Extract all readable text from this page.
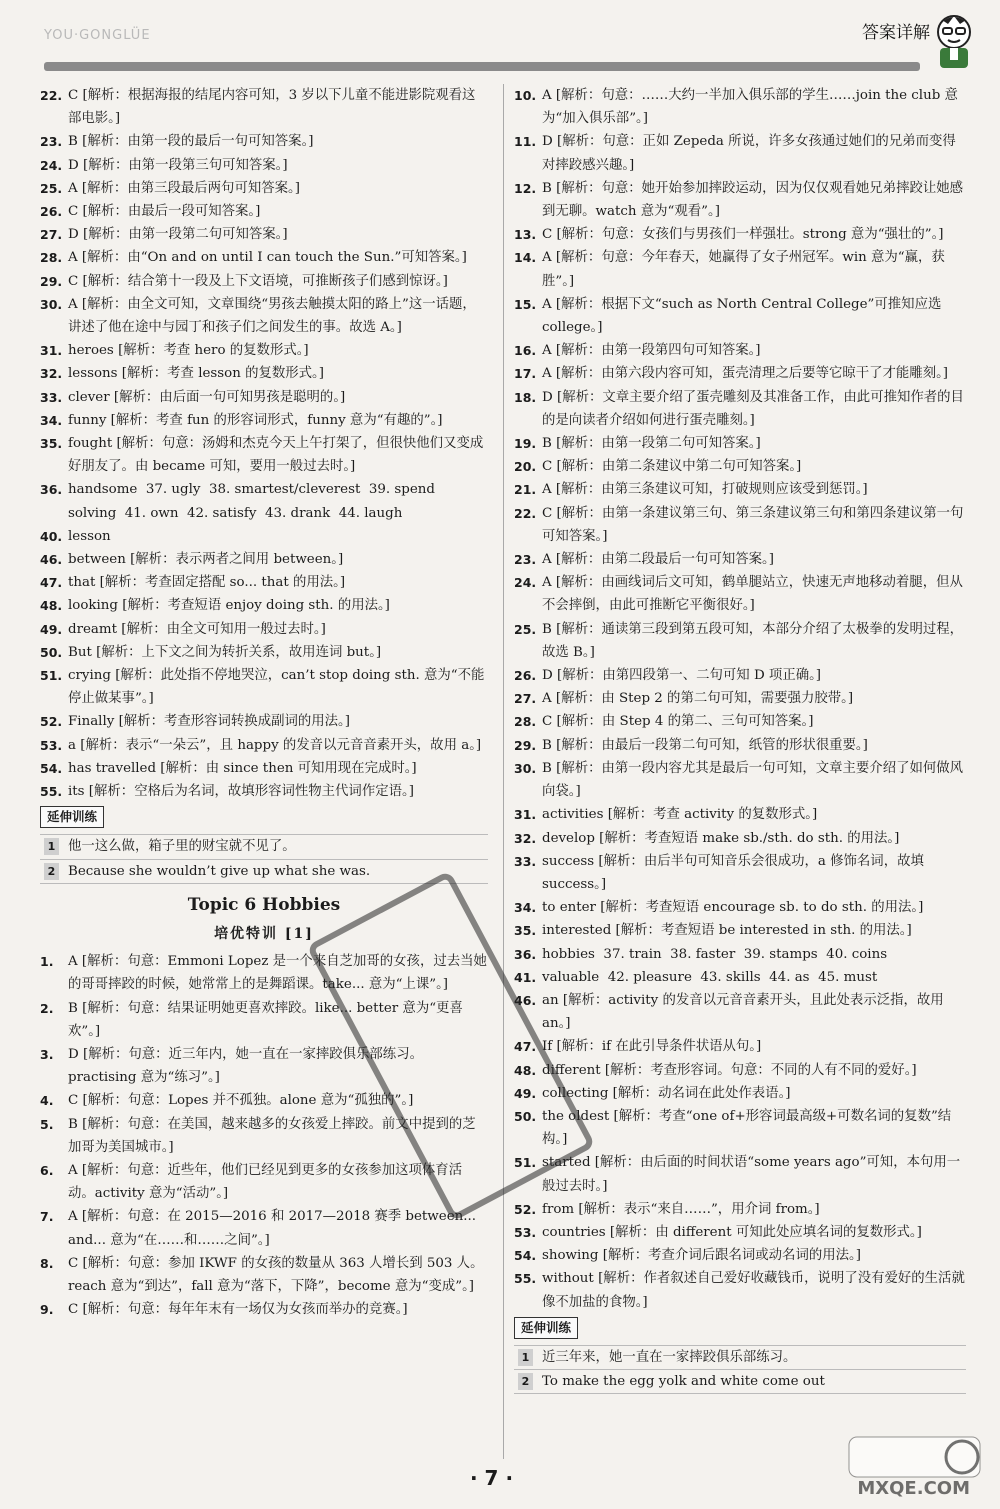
YOU·GONGLÜE	答案详解
22. C [解析：根据海报的结尾内容可知，3 岁以下儿童不能进影院观看这部电影。]
23. B [解析：由第一段的最后一句可知答案。]
24. D [解析：由第一段第三句可知答案。]
25. A [解析：由第三段最后两句可知答案。]
26. C [解析：由最后一段可知答案。]
27. D [解析：由第一段第二句可知答案。]
28. A [解析：由“On and on until I can touch the Sun.”可知答案。]
29. C [解析：结合第十一段及上下文语境，可推断孩子们感到惊讶。]
30. A [解析：由全文可知，文章围绕“男孩去触摸太阳的路上”这一话题，讲述了他在途中与园丁和孩子们之间发生的事。故选 A。]
31. heroes [解析：考查 hero 的复数形式。]
32. lessons [解析：考查 lesson 的复数形式。]
33. clever [解析：由后面一句可知男孩是聪明的。]
34. funny [解析：考查 fun 的形容词形式，funny 意为“有趣的”。]
35. fought [解析：句意：汤姆和杰克今天上午打架了，但很快他们又变成好朋友了。由 became 可知，要用一般过去时。]
36. handsome  37. ugly  38. smartest/cleverest  39. spend
solving  41. own  42. satisfy  43. drank  44. laugh
40. lesson
46. between [解析：表示两者之间用 between。]
47. that [解析：考查固定搭配 so... that 的用法。]
48. looking [解析：考查短语 enjoy doing sth. 的用法。]
49. dreamt [解析：由全文可知用一般过去时。]
50. But [解析：上下文之间为转折关系，故用连词 but。]
51. crying [解析：此处指不停地哭泣，can’t stop doing sth. 意为“不能停止做某事”。]
52. Finally [解析：考查形容词转换成副词的用法。]
53. a [解析：表示“一朵云”，且 happy 的发音以元音音素开头，故用 a。]
54. has travelled [解析：由 since then 可知用现在完成时。]
55. its [解析：空格后为名词，故填形容词性物主代词作定语。]
延伸训练
1 他一这么做，箱子里的财宝就不见了。
2 Because she wouldn’t give up what she was.
Topic 6 Hobbies
培优特训 [1]
1. A [解析：句意：Emmoni Lopez 是一个来自芝加哥的女孩，过去当她的哥哥摔跤的时候，她常常上的是舞蹈课。take... 意为“上课”。]
2. B [解析：句意：结果证明她更喜欢摔跤。like... better 意为“更喜欢”。]
3. D [解析：句意：近三年内，她一直在一家摔跤俱乐部练习。practising 意为“练习”。]
4. C [解析：句意：Lopes 并不孤独。alone 意为“孤独的”。]
5. B [解析：句意：在美国，越来越多的女孩爱上摔跤。前文中提到的芝加哥为美国城市。]
6. A [解析：句意：近些年，他们已经见到更多的女孩参加这项体育活动。activity 意为“活动”。]
7. A [解析：句意：在 2015—2016 和 2017—2018 赛季 between... and... 意为“在……和……之间”。]
8. C [解析：句意：参加 IKWF 的女孩的数量从 363 人增长到 503 人。reach 意为“到达”，fall 意为“落下，下降”，become 意为“变成”。]
9. C [解析：句意：每年年末有一场仅为女孩而举办的竞赛。]
10. A [解析：句意：……大约一半加入俱乐部的学生……join the club 意为“加入俱乐部”。]
11. D [解析：句意：正如 Zepeda 所说，许多女孩通过她们的兄弟而变得对摔跤感兴趣。]
12. B [解析：句意：她开始参加摔跤运动，因为仅仅观看她兄弟摔跤让她感到无聊。watch 意为“观看”。]
13. C [解析：句意：女孩们与男孩们一样强壮。strong 意为“强壮的”。]
14. A [解析：句意：今年春天，她赢得了女子州冠军。win 意为“赢，获胜”。]
15. A [解析：根据下文“such as North Central College”可推知应选 college。]
16. A [解析：由第一段第四句可知答案。]
17. A [解析：由第六段内容可知，蛋壳清理之后要等它晾干了才能雕刻。]
18. D [解析：文章主要介绍了蛋壳雕刻及其准备工作，由此可推知作者的目的是向读者介绍如何进行蛋壳雕刻。]
19. B [解析：由第一段第二句可知答案。]
20. C [解析：由第二条建议中第二句可知答案。]
21. A [解析：由第三条建议可知，打破规则应该受到惩罚。]
22. C [解析：由第一条建议第三句、第三条建议第三句和第四条建议第一句可知答案。]
23. A [解析：由第二段最后一句可知答案。]
24. A [解析：由画线词后文可知，鹤单腿站立，快速无声地移动着腿，但从不会摔倒，由此可推断它平衡很好。]
25. B [解析：通读第三段到第五段可知，本部分介绍了太极拳的发明过程，故选 B。]
26. D [解析：由第四段第一、二句可知 D 项正确。]
27. A [解析：由 Step 2 的第二句可知，需要强力胶带。]
28. C [解析：由 Step 4 的第二、三句可知答案。]
29. B [解析：由最后一段第二句可知，纸管的形状很重要。]
30. B [解析：由第一段内容尤其是最后一句可知，文章主要介绍了如何做风向袋。]
31. activities [解析：考查 activity 的复数形式。]
32. develop [解析：考查短语 make sb./sth. do sth. 的用法。]
33. success [解析：由后半句可知音乐会很成功，a 修饰名词，故填 success。]
34. to enter [解析：考查短语 encourage sb. to do sth. 的用法。]
35. interested [解析：考查短语 be interested in sth. 的用法。]
36. hobbies  37. train  38. faster  39. stamps  40. coins
41. valuable  42. pleasure  43. skills  44. as  45. must
46. an [解析：activity 的发音以元音音素开头，且此处表示泛指，故用 an。]
47. If [解析：if 在此引导条件状语从句。]
48. different [解析：考查形容词。句意：不同的人有不同的爱好。]
49. collecting [解析：动名词在此处作表语。]
50. the oldest [解析：考查“one of+形容词最高级+可数名词的复数”结构。]
51. started [解析：由后面的时间状语“some years ago”可知，本句用一般过去时。]
52. from [解析：表示“来自……”，用介词 from。]
53. countries [解析：由 different 可知此处应填名词的复数形式。]
54. showing [解析：考查介词后跟名词或动名词的用法。]
55. without [解析：作者叙述自己爱好收藏钱币，说明了没有爱好的生活就像不加盐的食物。]
延伸训练
1 近三年来，她一直在一家摔跤俱乐部练习。
2 To make the egg yolk and white come out
· 7 ·	MXQE.COM
